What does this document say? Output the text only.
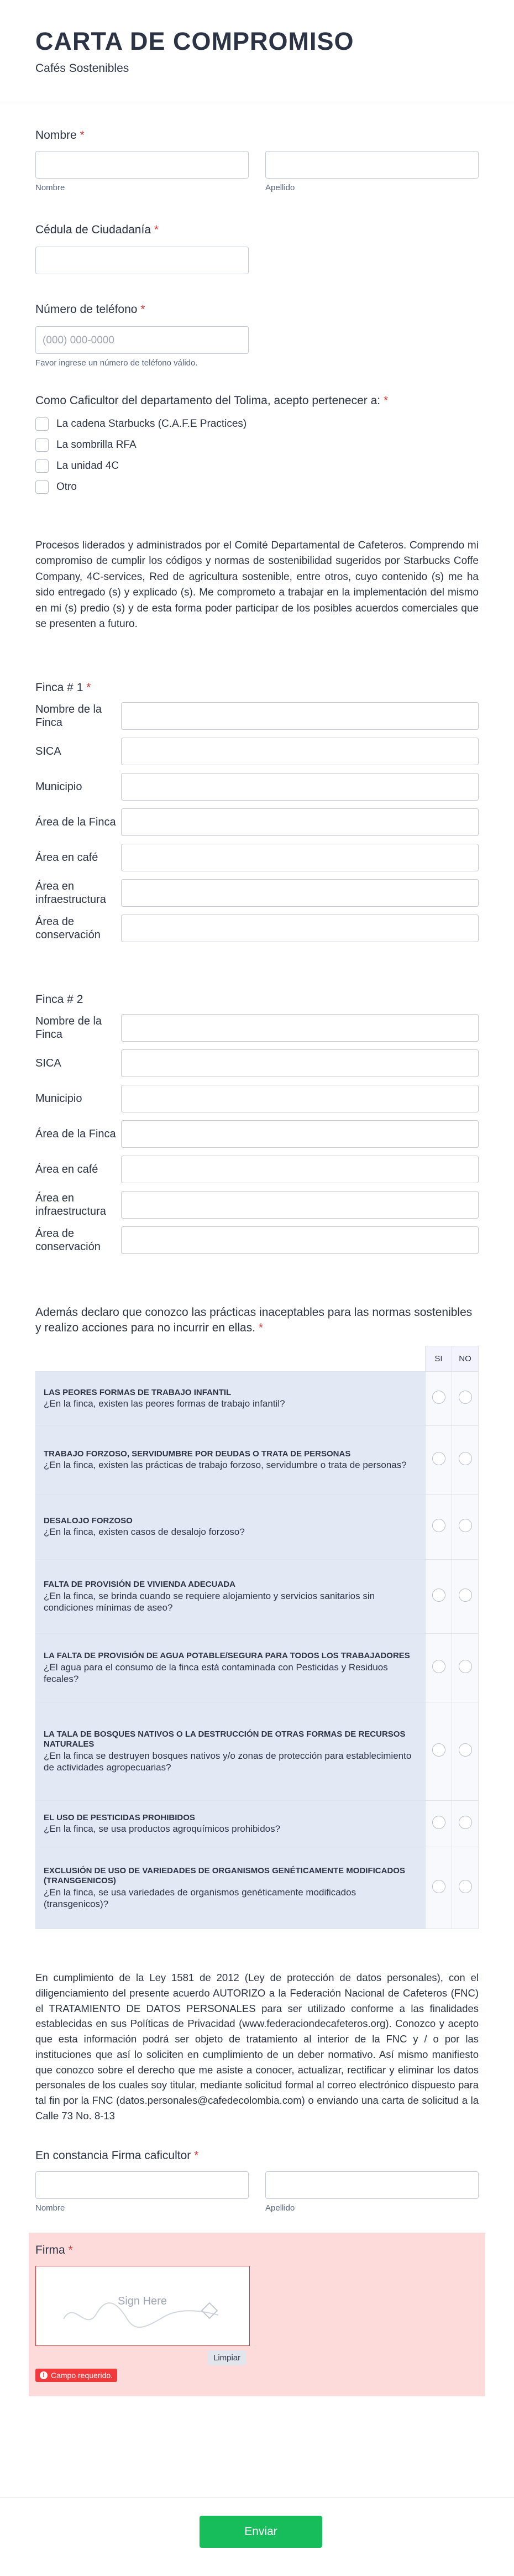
CARTA DE COMPROMISO
Cafés Sostenibles
Nombre *
Nombre	Apellido
Cédula de Ciudadanía *
Número de teléfono *
(000) 000-0000
Favor ingrese un número de teléfono válido.
Como Caficultor del departamento del Tolima, acepto pertenecer a: *
La cadena Starbucks (C.A.F.E Practices)
La sombrilla RFA
La unidad 4C
Otro

Procesos liderados y administrados por el Comité Departamental de Cafeteros. Comprendo mi compromiso de cumplir los códigos y normas de sostenibilidad sugeridos por Starbucks Coffe Company, 4C-services, Red de agricultura sostenible, entre otros, cuyo contenido (s) me ha sido entregado (s) y explicado (s). Me comprometo a trabajar en la implementación del mismo en mi (s) predio (s) y de esta forma poder participar de los posibles acuerdos comerciales que se presenten a futuro.

Finca # 1 *
Nombre de la Finca
SICA
Municipio
Área de la Finca
Área en café
Área en infraestructura
Área de conservación
Finca # 2
Nombre de la Finca
SICA
Municipio
Área de la Finca
Área en café
Área en infraestructura
Área de conservación
Además declaro que conozco las prácticas inaceptables para las normas sostenibles y realizo acciones para no incurrir en ellas. *
	SI	NO

LAS PEORES FORMAS DE TRABAJO INFANTIL
¿En la finca, existen las peores formas de trabajo infantil?		

TRABAJO FORZOSO, SERVIDUMBRE POR DEUDAS O TRATA DE PERSONAS
¿En la finca, existen las prácticas de trabajo forzoso, servidumbre o trata de personas?		

DESALOJO FORZOSO
¿En la finca, existen casos de desalojo forzoso?		

FALTA DE PROVISIÓN DE VIVIENDA ADECUADA
¿En la finca, se brinda cuando se requiere alojamiento y servicios sanitarios sin condiciones mínimas de aseo?		

LA FALTA DE PROVISIÓN DE AGUA POTABLE/SEGURA PARA TODOS LOS TRABAJADORES
¿El agua para el consumo de la finca está contaminada con Pesticidas y Residuos fecales?		

LA TALA DE BOSQUES NATIVOS O LA DESTRUCCIÓN DE OTRAS FORMAS DE RECURSOS NATURALES
¿En la finca se destruyen bosques nativos y/o zonas de protección para establecimiento de actividades agropecuarias?		

EL USO DE PESTICIDAS PROHIBIDOS
¿En la finca, se usa productos agroquímicos prohibidos?		

EXCLUSIÓN DE USO DE VARIEDADES DE ORGANISMOS GENÉTICAMENTE MODIFICADOS (TRANSGENICOS)
¿En la finca, se usa variedades de organismos genéticamente modificados (transgenicos)?		

En cumplimiento de la Ley 1581 de 2012 (Ley de protección de datos personales), con el diligenciamiento del presente acuerdo AUTORIZO a la Federación Nacional de Cafeteros (FNC) el TRATAMIENTO DE DATOS PERSONALES para ser utilizado conforme a las finalidades establecidas en sus Políticas de Privacidad (www.federaciondecafeteros.org). Conozco y acepto que esta información podrá ser objeto de tratamiento al interior de la FNC y / o por las instituciones que así lo soliciten en cumplimiento de un deber normativo. Así mismo manifiesto que conozco sobre el derecho que me asiste a conocer, actualizar, rectificar y eliminar los datos personales de los cuales soy titular, mediante solicitud formal al correo electrónico dispuesto para tal fin por la FNC (datos.personales@cafedecolombia.com) o enviando una carta de solicitud a la Calle 73 No. 8-13

En constancia Firma caficultor *
Nombre	Apellido
Firma *
Sign Here
Limpiar
! Campo requerido.
Enviar
